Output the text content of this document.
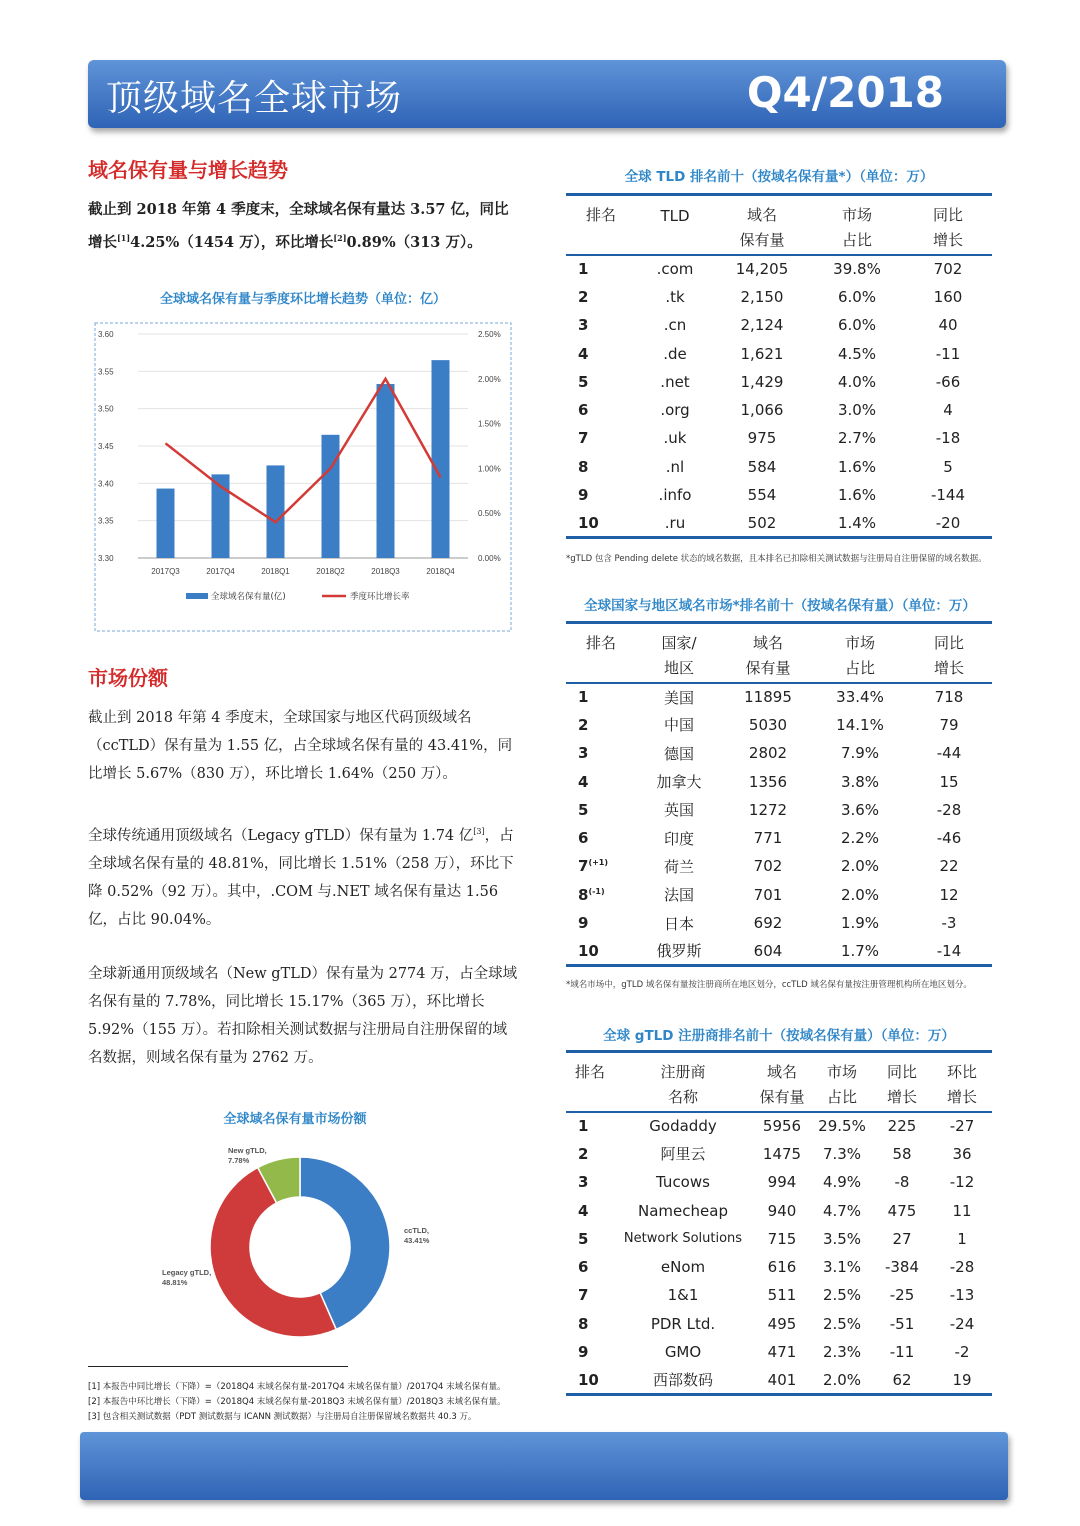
顶级域名全球市场	Q4/2018
域名保有量与增长趋势
截止到 2018 年第 4 季度末，全球域名保有量达 3.57 亿，同比增长[1]4.25%（1454 万），环比增长[2]0.89%（313 万）。
全球域名保有量与季度环比增长趋势（单位：亿）
3.30
3.35
3.40
3.45
3.50
3.55
3.60
0.00%
0.50%
1.00%
1.50%
2.00%
2.50%
2017Q3	2017Q4	2018Q1	2018Q2	2018Q3	2018Q4
全球域名保有量(亿)	季度环比增长率
市场份额
截止到 2018 年第 4 季度末，全球国家与地区代码顶级域名（ccTLD）保有量为 1.55 亿，占全球域名保有量的 43.41%，同比增长 5.67%（830 万），环比增长 1.64%（250 万）。
全球传统通用顶级域名（Legacy gTLD）保有量为 1.74 亿[3]，占全球域名保有量的 48.81%，同比增长 1.51%（258 万），环比下降 0.52%（92 万）。其中，.COM 与.NET 域名保有量达 1.56 亿，占比 90.04%。
全球新通用顶级域名（New gTLD）保有量为 2774 万，占全球域名保有量的 7.78%，同比增长 15.17%（365 万），环比增长 5.92%（155 万）。若扣除相关测试数据与注册局自注册保留的域名数据，则域名保有量为 2762 万。
全球域名保有量市场份额
ccTLD,
43.41%
Legacy gTLD,
48.81%
New gTLD,
7.78%
[1] 本报告中同比增长（下降）=（2018Q4 末域名保有量-2017Q4 末域名保有量）/2017Q4 末域名保有量。
[2] 本报告中环比增长（下降）=（2018Q4 末域名保有量-2018Q3 末域名保有量）/2018Q3 末域名保有量。
[3] 包含相关测试数据（PDT 测试数据与 ICANN 测试数据）与注册局自注册保留域名数据共 40.3 万。
全球 TLD 排名前十（按域名保有量*）（单位：万）
排名	TLD	域名	市场	同比
		保有量	占比	增长
1	.com	14,205	39.8%	702
2	.tk	2,150	6.0%	160
3	.cn	2,124	6.0%	40
4	.de	1,621	4.5%	-11
5	.net	1,429	4.0%	-66
6	.org	1,066	3.0%	4
7	.uk	975	2.7%	-18
8	.nl	584	1.6%	5
9	.info	554	1.6%	-144
10	.ru	502	1.4%	-20
*gTLD 包含 Pending delete 状态的域名数据，且本排名已扣除相关测试数据与注册局自注册保留的域名数据。
全球国家与地区域名市场*排名前十（按域名保有量）（单位：万）
排名	国家/	域名	市场	同比
	地区	保有量	占比	增长
1	美国	11895	33.4%	718
2	中国	5030	14.1%	79
3	德国	2802	7.9%	-44
4	加拿大	1356	3.8%	15
5	英国	1272	3.6%	-28
6	印度	771	2.2%	-46
$7^{(+1)}$	荷兰	702	2.0%	22
$8^{(-1)}$	法国	701	2.0%	12
9	日本	692	1.9%	-3
10	俄罗斯	604	1.7%	-14
*域名市场中，gTLD 域名保有量按注册商所在地区划分，ccTLD 域名保有量按注册管理机构所在地区划分。
全球 gTLD 注册商排名前十（按域名保有量）（单位：万）
排名	注册商	域名	市场	同比	环比
	名称	保有量	占比	增长	增长
1	Godaddy	5956	29.5%	225	-27
2	阿里云	1475	7.3%	58	36
3	Tucows	994	4.9%	-8	-12
4	Namecheap	940	4.7%	475	11
5	Network Solutions	715	3.5%	27	1
6	eNom	616	3.1%	-384	-28
7	1&1	511	2.5%	-25	-13
8	PDR Ltd.	495	2.5%	-51	-24
9	GMO	471	2.3%	-11	-2
10	西部数码	401	2.0%	62	19
